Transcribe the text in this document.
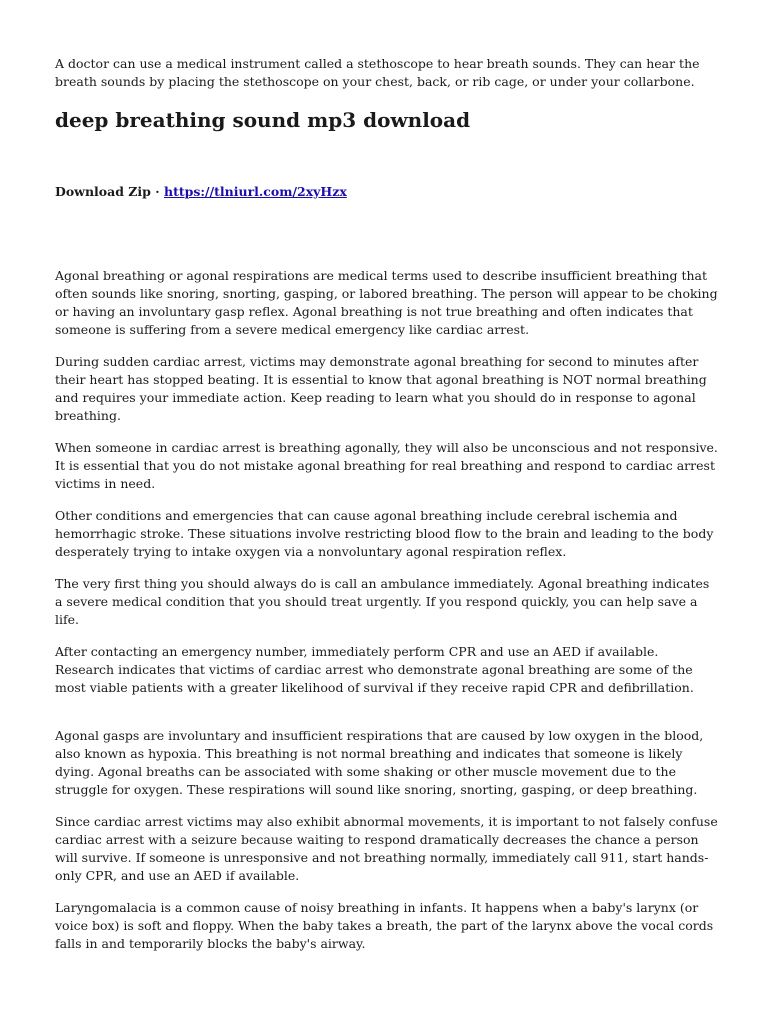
A doctor can use a medical instrument called a stethoscope to hear breath sounds. They can hear the breath sounds by placing the stethoscope on your chest, back, or rib cage, or under your collarbone.

deep breathing sound mp3 download
Download Zip · https://tlniurl.com/2xyHzx

Agonal breathing or agonal respirations are medical terms used to describe insufficient breathing that often sounds like snoring, snorting, gasping, or labored breathing. The person will appear to be choking or having an involuntary gasp reflex. Agonal breathing is not true breathing and often indicates that someone is suffering from a severe medical emergency like cardiac arrest.

During sudden cardiac arrest, victims may demonstrate agonal breathing for second to minutes after their heart has stopped beating. It is essential to know that agonal breathing is NOT normal breathing and requires your immediate action. Keep reading to learn what you should do in response to agonal breathing.

When someone in cardiac arrest is breathing agonally, they will also be unconscious and not responsive. It is essential that you do not mistake agonal breathing for real breathing and respond to cardiac arrest victims in need.

Other conditions and emergencies that can cause agonal breathing include cerebral ischemia and hemorrhagic stroke. These situations involve restricting blood flow to the brain and leading to the body desperately trying to intake oxygen via a nonvoluntary agonal respiration reflex.

The very first thing you should always do is call an ambulance immediately. Agonal breathing indicates a severe medical condition that you should treat urgently. If you respond quickly, you can help save a life.

After contacting an emergency number, immediately perform CPR and use an AED if available. Research indicates that victims of cardiac arrest who demonstrate agonal breathing are some of the most viable patients with a greater likelihood of survival if they receive rapid CPR and defibrillation.

Agonal gasps are involuntary and insufficient respirations that are caused by low oxygen in the blood, also known as hypoxia. This breathing is not normal breathing and indicates that someone is likely dying. Agonal breaths can be associated with some shaking or other muscle movement due to the struggle for oxygen. These respirations will sound like snoring, snorting, gasping, or deep breathing.

Since cardiac arrest victims may also exhibit abnormal movements, it is important to not falsely confuse cardiac arrest with a seizure because waiting to respond dramatically decreases the chance a person will survive. If someone is unresponsive and not breathing normally, immediately call 911, start hands-only CPR, and use an AED if available.

Laryngomalacia is a common cause of noisy breathing in infants. It happens when a baby's larynx (or voice box) is soft and floppy. When the baby takes a breath, the part of the larynx above the vocal cords falls in and temporarily blocks the baby's airway.
